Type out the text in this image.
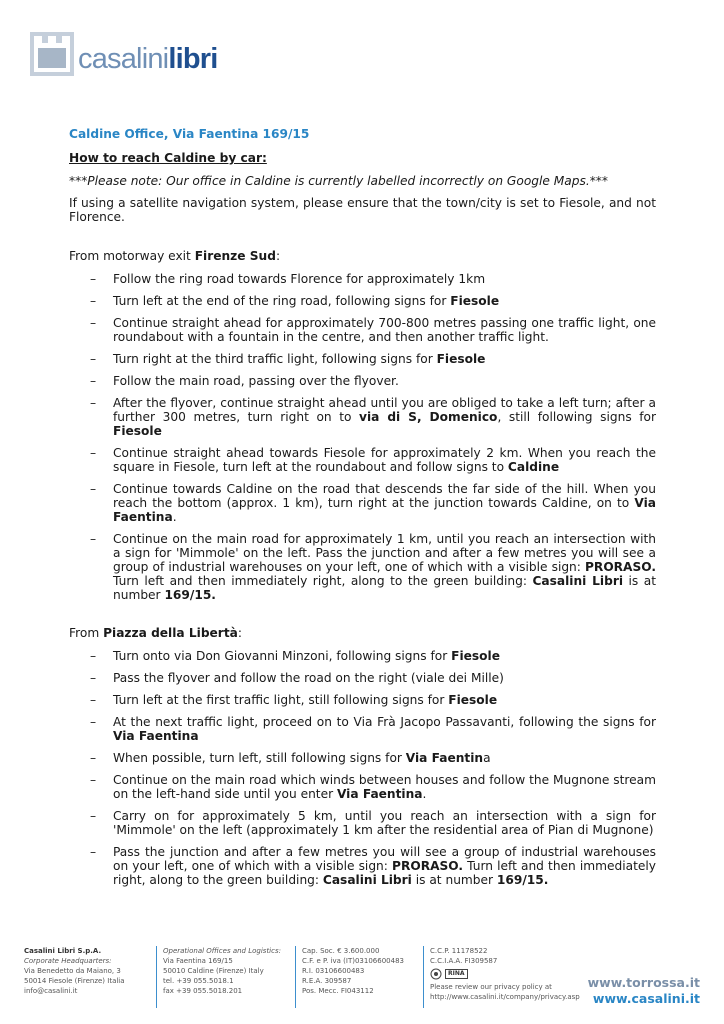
casalinilibri
Caldine Office, Via Faentina 169/15
How to reach Caldine by car:
***Please note: Our office in Caldine is currently labelled incorrectly on Google Maps.***
If using a satellite navigation system, please ensure that the town/city is set to Fiesole, and not Florence.
From motorway exit Firenze Sud:
– Follow the ring road towards Florence for approximately 1km
– Turn left at the end of the ring road, following signs for Fiesole
– Continue straight ahead for approximately 700-800 metres passing one traffic light, one roundabout with a fountain in the centre, and then another traffic light.
– Turn right at the third traffic light, following signs for Fiesole
– Follow the main road, passing over the flyover.
– After the flyover, continue straight ahead until you are obliged to take a left turn; after a further 300 metres, turn right on to via di S, Domenico, still following signs for Fiesole
– Continue straight ahead towards Fiesole for approximately 2 km. When you reach the square in Fiesole, turn left at the roundabout and follow signs to Caldine
– Continue towards Caldine on the road that descends the far side of the hill. When you reach the bottom (approx. 1 km), turn right at the junction towards Caldine, on to Via Faentina.
– Continue on the main road for approximately 1 km, until you reach an intersection with a sign for 'Mimmole' on the left. Pass the junction and after a few metres you will see a group of industrial warehouses on your left, one of which with a visible sign: PRORASO. Turn left and then immediately right, along to the green building: Casalini Libri is at number 169/15.
From Piazza della Libertà:
– Turn onto via Don Giovanni Minzoni, following signs for Fiesole
– Pass the flyover and follow the road on the right (viale dei Mille)
– Turn left at the first traffic light, still following signs for Fiesole
– At the next traffic light, proceed on to Via Frà Jacopo Passavanti, following the signs for Via Faentina
– When possible, turn left, still following signs for Via Faentina
– Continue on the main road which winds between houses and follow the Mugnone stream on the left-hand side until you enter Via Faentina.
– Carry on for approximately 5 km, until you reach an intersection with a sign for 'Mimmole' on the left (approximately 1 km after the residential area of Pian di Mugnone)
– Pass the junction and after a few metres you will see a group of industrial warehouses on your left, one of which with a visible sign: PRORASO. Turn left and then immediately right, along to the green building: Casalini Libri is at number 169/15.
Casalini Libri S.p.A.
Corporate Headquarters:
Via Benedetto da Maiano, 3
50014 Fiesole (Firenze) Italia
info@casalini.it
Operational Offices and Logistics:
Via Faentina 169/15
50010 Caldine (Firenze) Italy
tel. +39 055.5018.1
fax +39 055.5018.201
Cap. Soc. € 3.600.000
C.F. e P. iva (IT)03106600483
R.I. 03106600483
R.E.A. 309587
Pos. Mecc. FI043112
C.C.P. 11178522
C.C.I.A.A. FI309587
RINA
Please review our privacy policy at
http://www.casalini.it/company/privacy.asp
www.torrossa.it
www.casalini.it
